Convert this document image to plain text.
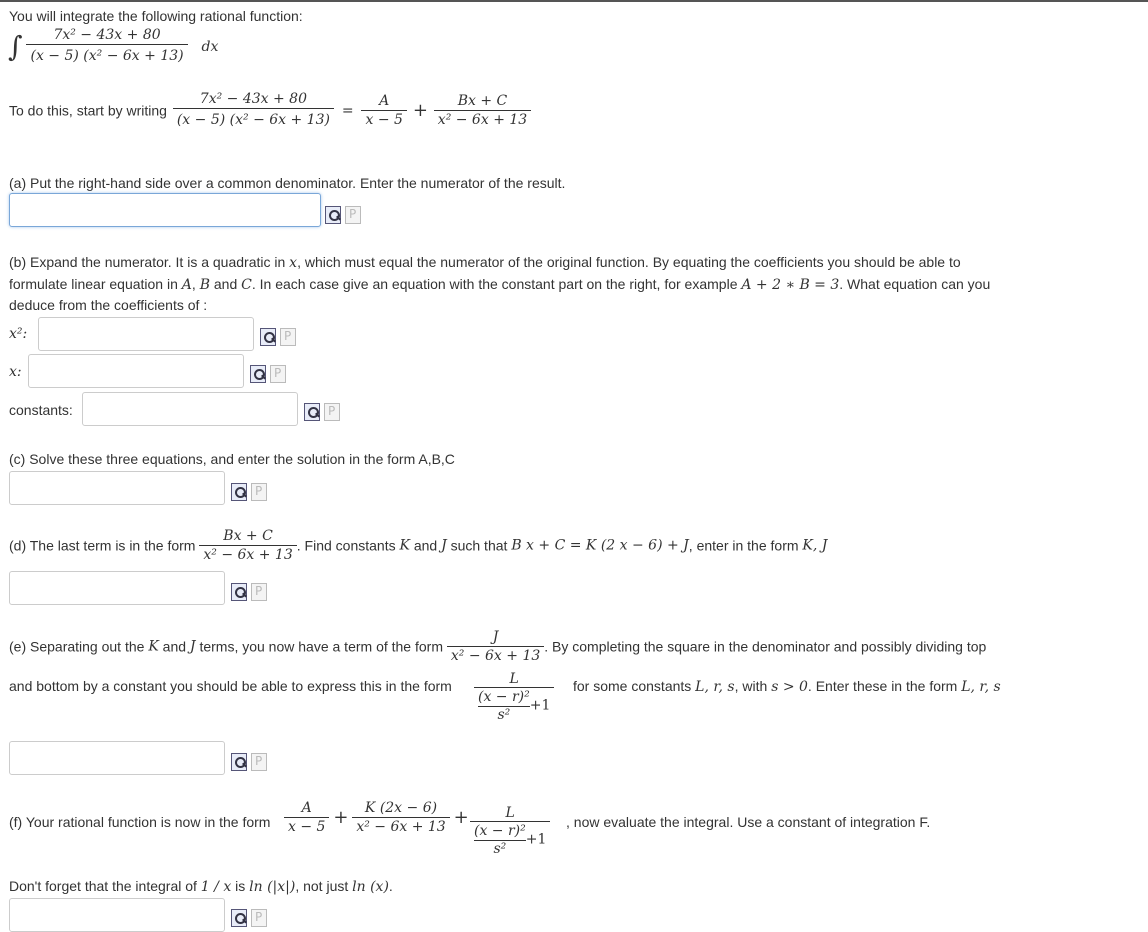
You will integrate the following rational function:
∫ $\frac{\text{7x² − 43x + 80}}{\text{(x − 5) (x² − 6x + 13)}}$ dx
To do this, start by writing $\frac{\text{7x² − 43x + 80}}{\text{(x − 5) (x² − 6x + 13)}} = \frac{A}{x - 5} + \frac{Bx + C}{\text{x² − 6x + 13}}$
(a) Put the right-hand side over a common denominator. Enter the numerator of the result.
P
(b) Expand the numerator. It is a quadratic in x, which must equal the numerator of the original function. By equating the coefficients you should be able to
formulate linear equation in A, B and C. In each case give an equation with the constant part on the right, for example A + 2 ∗ B = 3. What equation can you
deduce from the coefficients of :
x²:
P
x:
P
constants:
P
(c) Solve these three equations, and enter the solution in the form A,B,C
P
(d) The last term is in the form $\frac{Bx + C}{\text{x² − 6x + 13}}$ . Find constants K and J such that B x + C = K (2 x − 6) + J, enter in the form K, J
P
(e) Separating out the K and J terms, you now have a term of the form $\frac{J}{\text{x² − 6x + 13}}$ . By completing the square in the denominator and possibly dividing top
and bottom by a constant you should be able to express this in the form $\frac{L}{\frac{\text{(x − r)²}}{\text{s²}} +1}$ for some constants L, r, s, with s > 0. Enter these in the form L, r, s
P
(f) Your rational function is now in the form $\frac{A}{x - 5} + \frac{K (2x - 6)}{\text{x² − 6x + 13}} + \frac{L}{\frac{\text{(x − r)²}}{\text{s²}} +1}$ , now evaluate the integral. Use a constant of integration F.
Don't forget that the integral of 1 / x is ln (|x|), not just ln (x).
P
